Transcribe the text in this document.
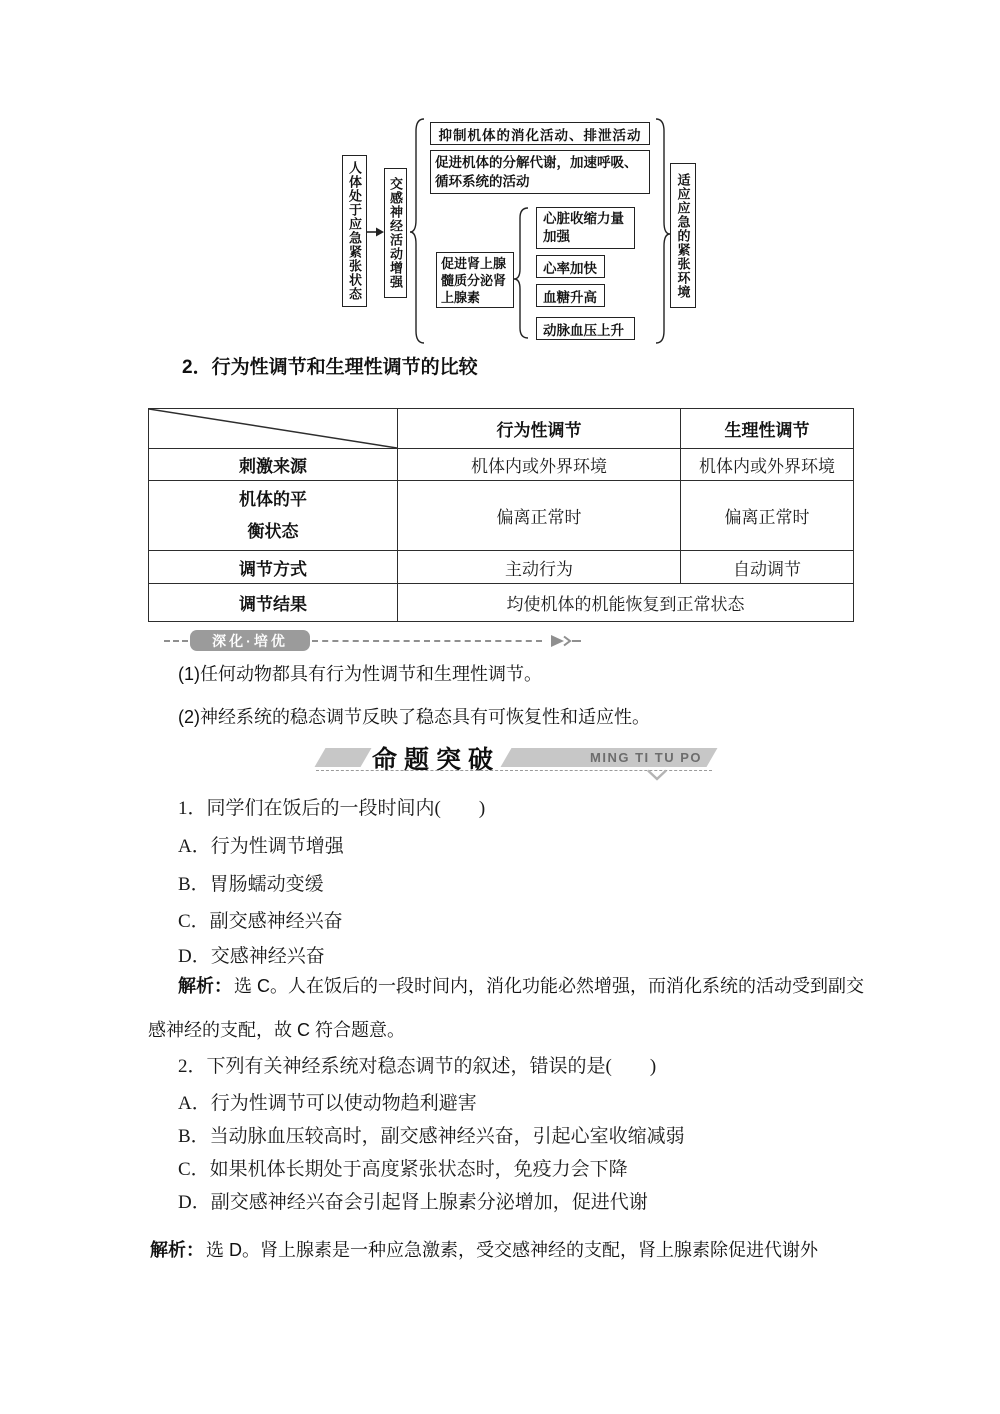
人体处于应急紧张状态	交感神经活动增强
抑制机体的消化活动、排泄活动
促进机体的分解代谢，加速呼吸、
循环系统的活动
促进肾上腺
髓质分泌肾
上腺素
心脏收缩力量
加强
心率加快
血糖升高
动脉血压上升
适应应急的紧张环境

2．行为性调节和生理性调节的比较

	行为性调节	生理性调节
刺激来源	机体内或外界环境	机体内或外界环境
机体的平
衡状态	偏离正常时	偏离正常时
调节方式	主动行为	自动调节
调节结果	均使机体的机能恢复到正常状态	
深化·培优

(1)任何动物都具有行为性调节和生理性调节。

(2)神经系统的稳态调节反映了稳态具有可恢复性和适应性。

命题突破	MING TI TU PO

1．同学们在饭后的一段时间内(　　)

A．行为性调节增强

B．胃肠蠕动变缓

C．副交感神经兴奋

D．交感神经兴奋

解析： 选 C。人在饭后的一段时间内，消化功能必然增强，而消化系统的活动受到副交

感神经的支配，故 C 符合题意。

2．下列有关神经系统对稳态调节的叙述，错误的是(　　)

A．行为性调节可以使动物趋利避害

B．当动脉血压较高时，副交感神经兴奋，引起心室收缩减弱

C．如果机体长期处于高度紧张状态时，免疫力会下降

D．副交感神经兴奋会引起肾上腺素分泌增加，促进代谢

解析： 选 D。肾上腺素是一种应急激素，受交感神经的支配，肾上腺素除促进代谢外
